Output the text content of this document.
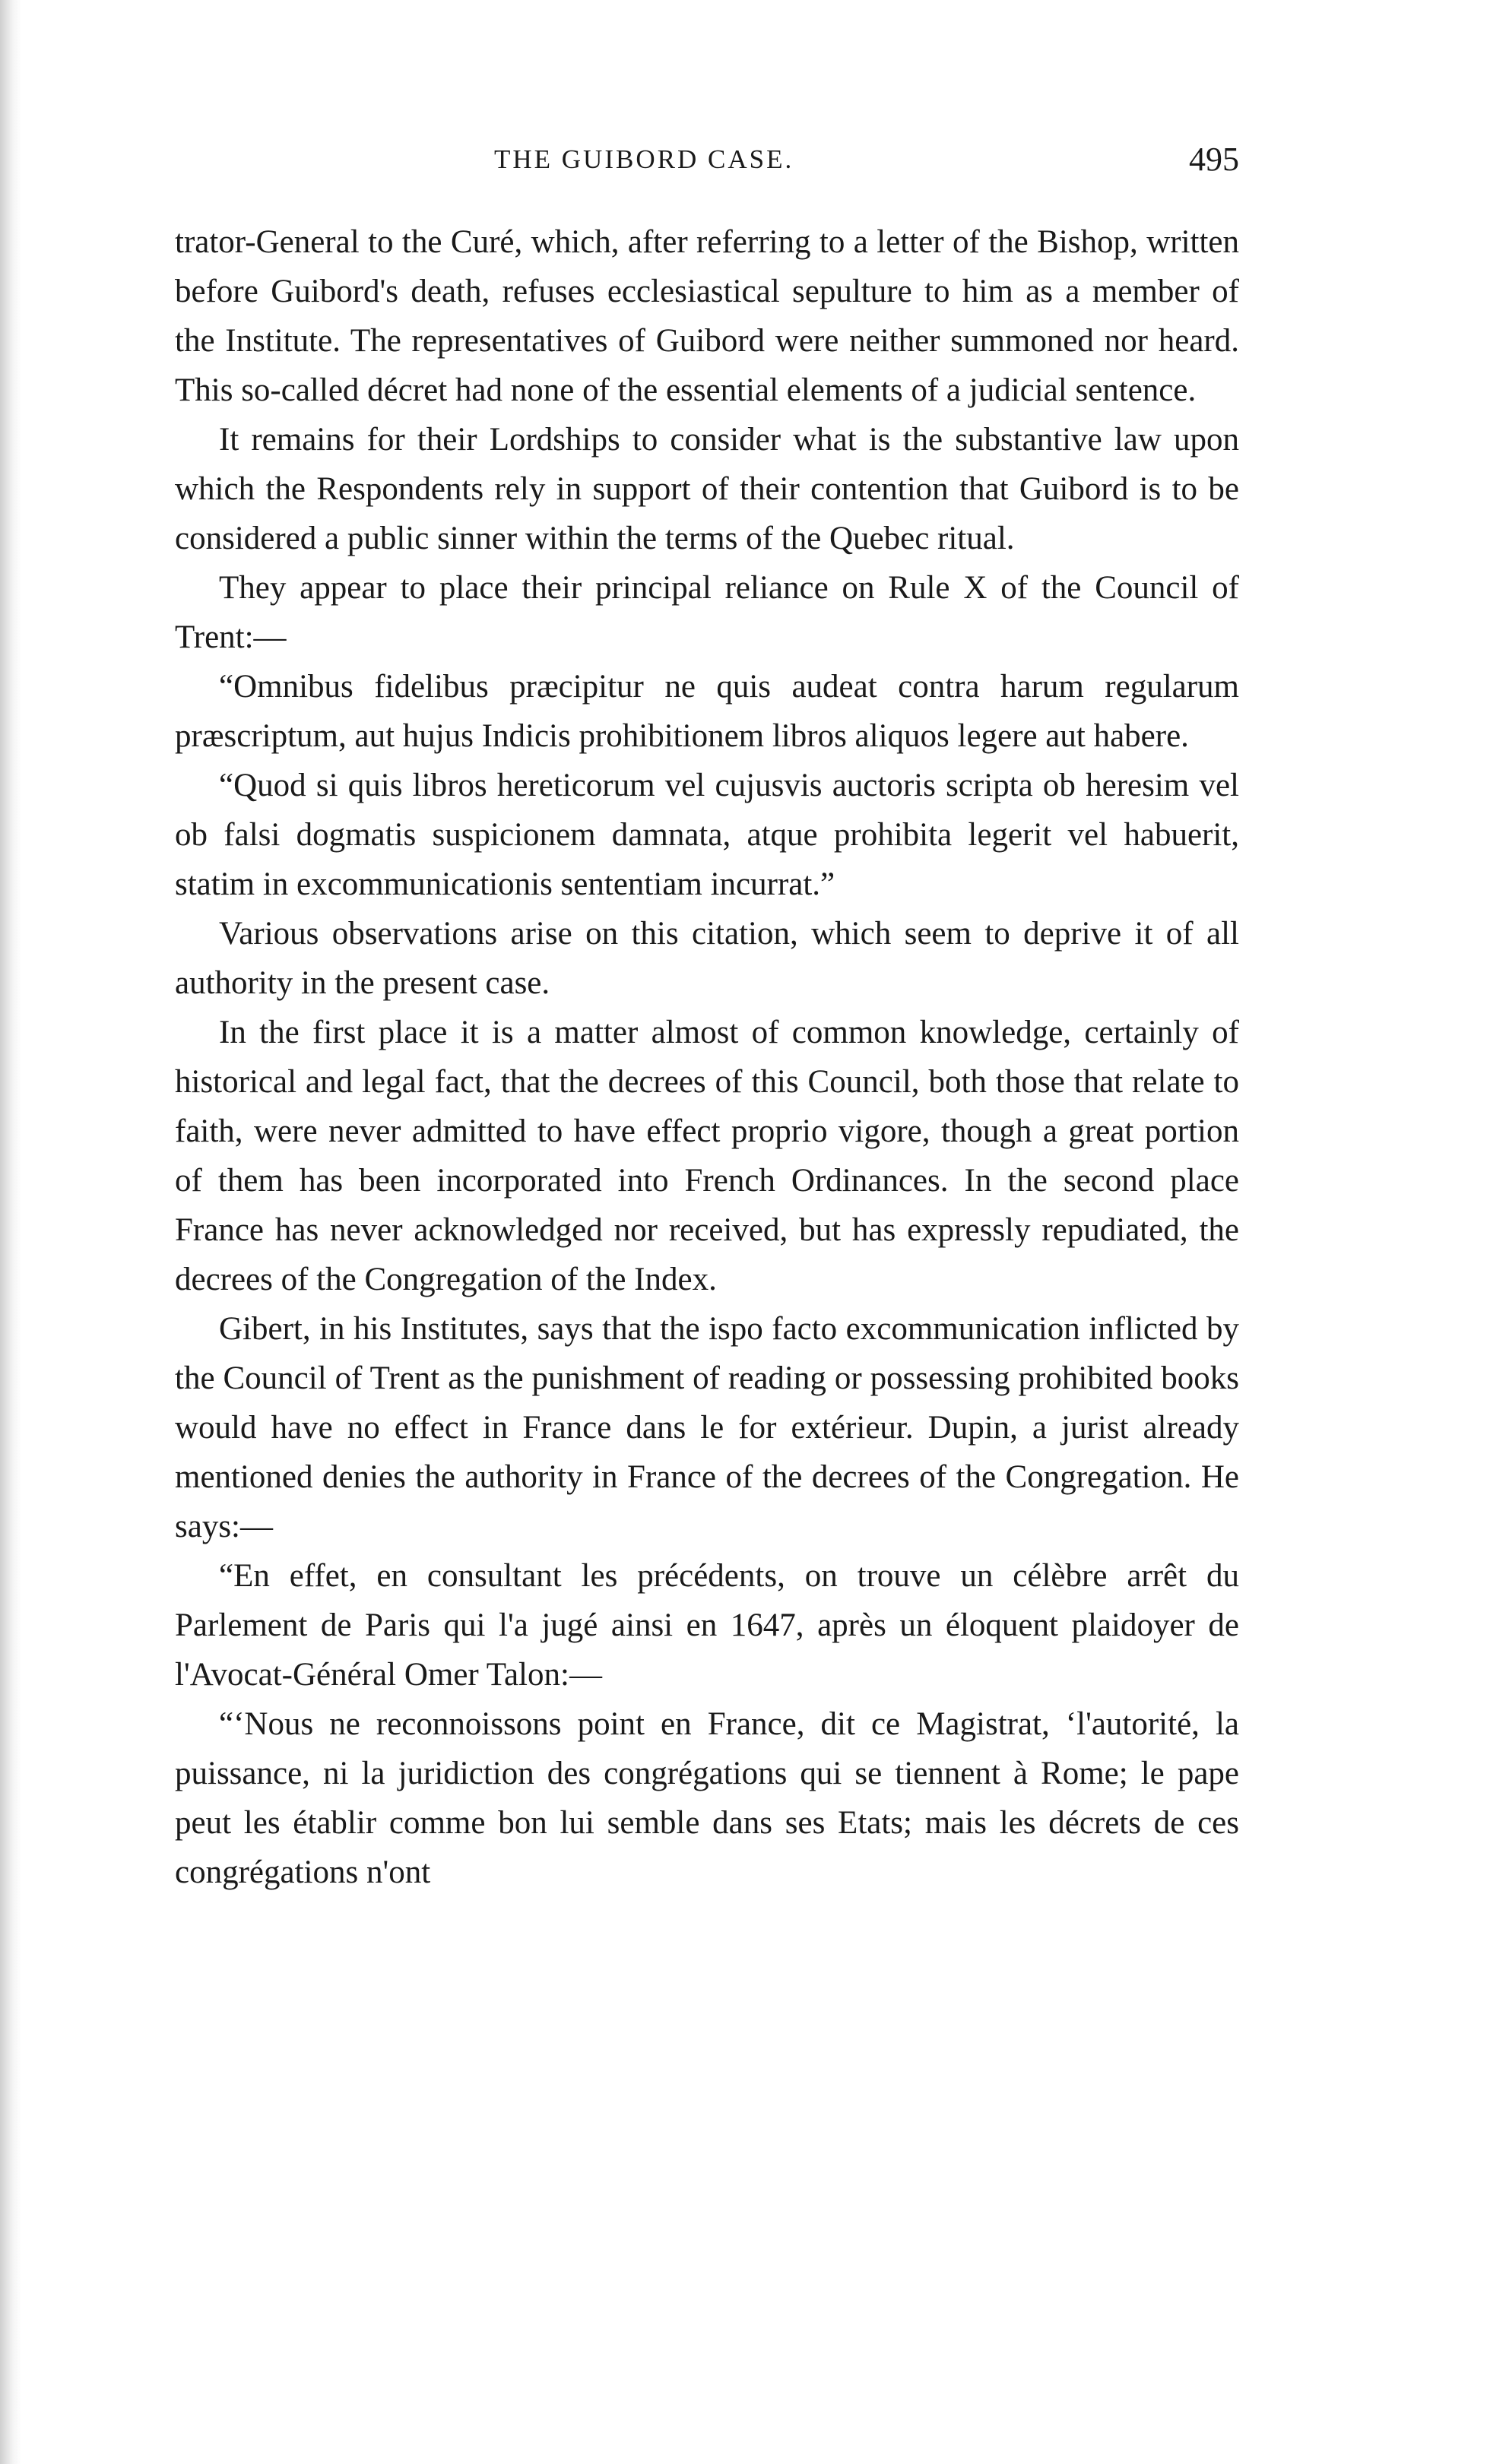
THE GUIBORD CASE.	495

trator-General to the Curé, which, after referring to a letter of the Bishop, written before Guibord's death, refuses ecclesiastical sepulture to him as a member of the Institute. The representatives of Guibord were neither summoned nor heard. This so-called décret had none of the essential elements of a judicial sentence.

It remains for their Lordships to consider what is the substantive law upon which the Respondents rely in support of their contention that Guibord is to be considered a public sinner within the terms of the Quebec ritual.

They appear to place their principal reliance on Rule X of the Council of Trent:—

“Omnibus fidelibus præcipitur ne quis audeat contra harum regularum præscriptum, aut hujus Indicis prohibitionem libros aliquos legere aut habere.

“Quod si quis libros hereticorum vel cujusvis auctoris scripta ob heresim vel ob falsi dogmatis suspicionem damnata, atque prohibita legerit vel habuerit, statim in excommunicationis sententiam incurrat.”

Various observations arise on this citation, which seem to deprive it of all authority in the present case.

In the first place it is a matter almost of common knowledge, certainly of historical and legal fact, that the decrees of this Council, both those that relate to faith, were never admitted to have effect proprio vigore, though a great portion of them has been incorporated into French Ordinances. In the second place France has never acknowledged nor received, but has expressly repudiated, the decrees of the Congregation of the Index.

Gibert, in his Institutes, says that the ispo facto excommunication inflicted by the Council of Trent as the punishment of reading or possessing prohibited books would have no effect in France dans le for extérieur. Dupin, a jurist already mentioned denies the authority in France of the decrees of the Congregation. He says:—

“En effet, en consultant les précédents, on trouve un célèbre arrêt du Parlement de Paris qui l'a jugé ainsi en 1647, après un éloquent plaidoyer de l'Avocat-Général Omer Talon:—

“‘Nous ne reconnoissons point en France, dit ce Magistrat, ‘l'autorité, la puissance, ni la juridiction des congrégations qui se tiennent à Rome; le pape peut les établir comme bon lui semble dans ses Etats; mais les décrets de ces congrégations n'ont
